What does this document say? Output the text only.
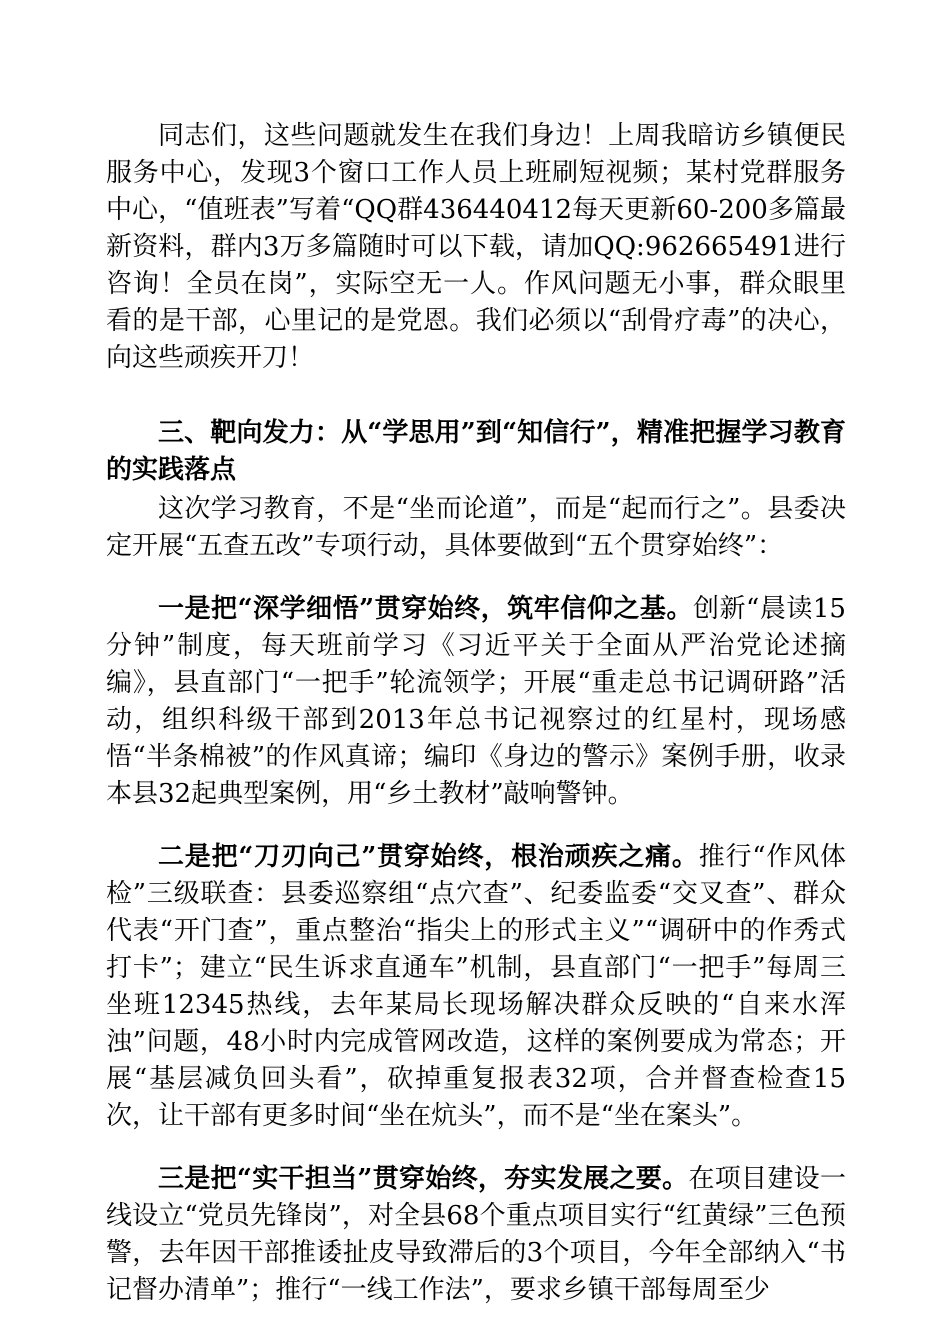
同志们，这些问题就发生在我们身边！上周我暗访乡镇便民服务中心，发现3个窗口工作人员上班刷短视频；某村党群服务中心，“值班表”写着“QQ群436440412每天更新60-200多篇最新资料，群内3万多篇随时可以下载，请加QQ:962665491进行咨询！全员在岗”，实际空无一人。作风问题无小事，群众眼里看的是干部，心里记的是党恩。我们必须以“刮骨疗毒”的决心，向这些顽疾开刀！

三、靶向发力：从“学思用”到“知信行”，精准把握学习教育的实践落点

这次学习教育，不是“坐而论道”，而是“起而行之”。县委决定开展“五查五改”专项行动，具体要做到“五个贯穿始终”：

一是把“深学细悟”贯穿始终，筑牢信仰之基。创新“晨读15分钟”制度，每天班前学习《习近平关于全面从严治党论述摘编》，县直部门“一把手”轮流领学；开展“重走总书记调研路”活动，组织科级干部到2013年总书记视察过的红星村，现场感悟“半条棉被”的作风真谛；编印《身边的警示》案例手册，收录本县32起典型案例，用“乡土教材”敲响警钟。

二是把“刀刃向己”贯穿始终，根治顽疾之痛。推行“作风体检”三级联查：县委巡察组“点穴查”、纪委监委“交叉查”、群众代表“开门查”，重点整治“指尖上的形式主义”“调研中的作秀式打卡”；建立“民生诉求直通车”机制，县直部门“一把手”每周三坐班12345热线，去年某局长现场解决群众反映的“自来水浑浊”问题，48小时内完成管网改造，这样的案例要成为常态；开展“基层减负回头看”，砍掉重复报表32项，合并督查检查15次，让干部有更多时间“坐在炕头”，而不是“坐在案头”。

三是把“实干担当”贯穿始终，夯实发展之要。在项目建设一线设立“党员先锋岗”，对全县68个重点项目实行“红黄绿”三色预警，去年因干部推诿扯皮导致滞后的3个项目，今年全部纳入“书记督办清单”；推行“一线工作法”，要求乡镇干部每周至少
